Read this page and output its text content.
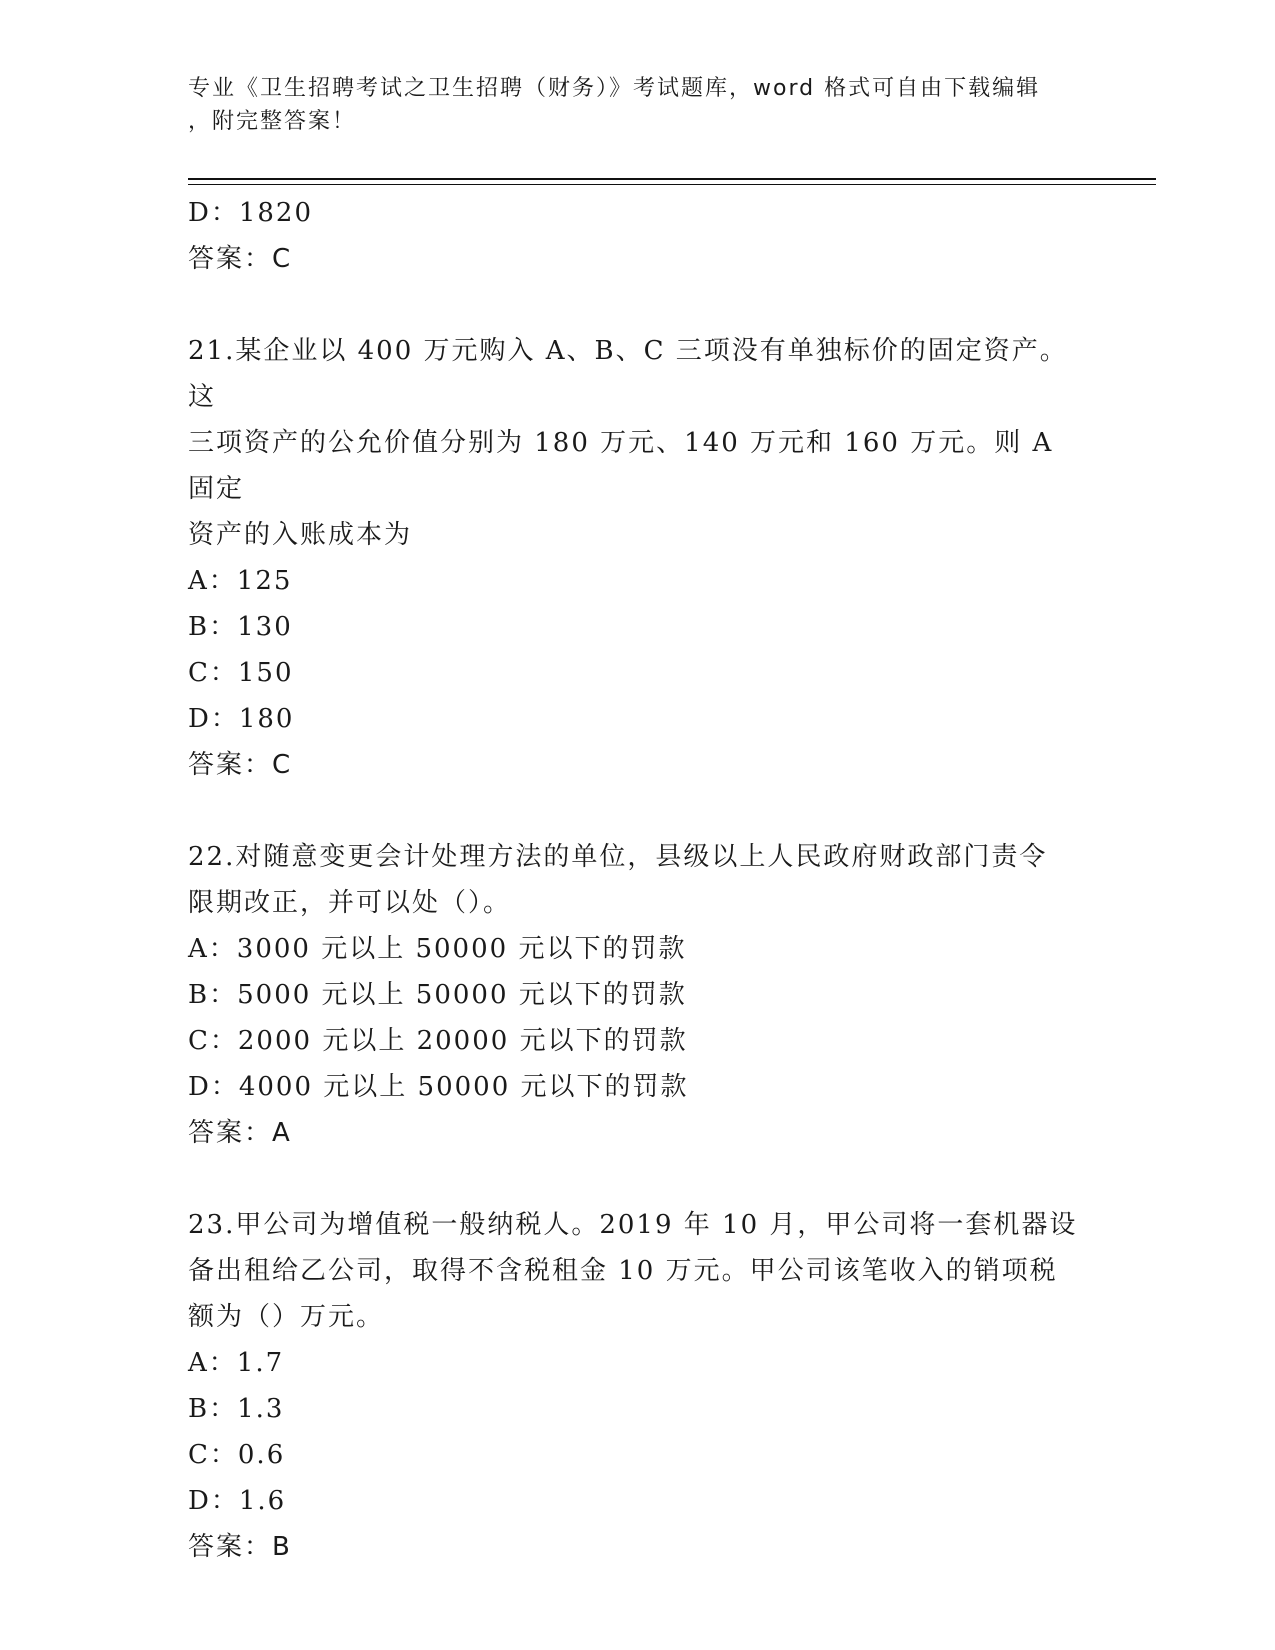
专业《卫生招聘考试之卫生招聘（财务）》考试题库，word 格式可自由下载编辑
，附完整答案！
D：1820
答案：C
21.某企业以 400 万元购入 A、B、C 三项没有单独标价的固定资产。这
三项资产的公允价值分别为 180 万元、140 万元和 160 万元。则 A 固定
资产的入账成本为
A：125
B：130
C：150
D：180
答案：C
22.对随意变更会计处理方法的单位，县级以上人民政府财政部门责令
限期改正，并可以处（）。
A：3000 元以上 50000 元以下的罚款
B：5000 元以上 50000 元以下的罚款
C：2000 元以上 20000 元以下的罚款
D：4000 元以上 50000 元以下的罚款
答案：A
23.甲公司为增值税一般纳税人。2019 年 10 月，甲公司将一套机器设
备出租给乙公司，取得不含税租金 10 万元。甲公司该笔收入的销项税
额为（）万元。
A：1.7
B：1.3
C：0.6
D：1.6
答案：B
